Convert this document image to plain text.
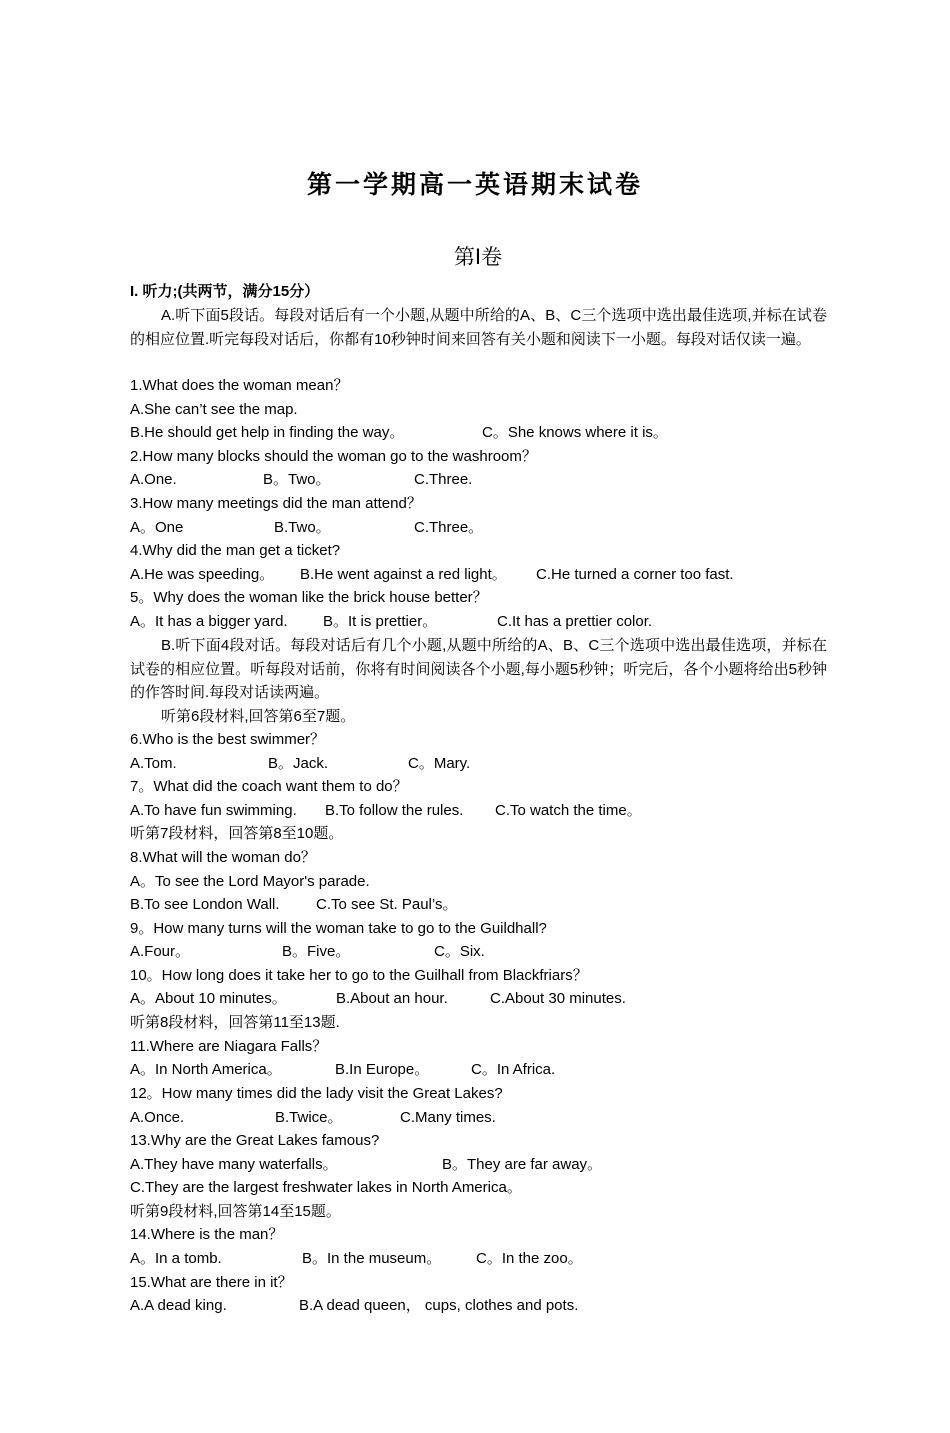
第一学期高一英语期末试卷
第Ⅰ卷
I. 听力;(共两节，满分15分）
A.听下面5段话。每段对话后有一个小题,从题中所给的A、B、C三个选项中选出最佳选项,并标在试卷的相应位置.听完每段对话后，你都有10秒钟时间来回答有关小题和阅读下一小题。每段对话仅读一遍。
1.What does the woman mean？
A.She can’t see the map.
B.He should get help in finding the way。	C。She knows where it is。
2.How many blocks should the woman go to the washroom？
A.One.	B。Two。	C.Three.
3.How many meetings did the man attend？
A。One	B.Two。	C.Three。
4.Why did the man get a ticket?
A.He was speeding。 B.He went against a red light。 C.He turned a corner too fast.
5。Why does the woman like the brick house better？
A。It has a bigger yard. B。It is prettier。	C.It has a prettier color.
B.听下面4段对话。每段对话后有几个小题,从题中所给的A、B、C三个选项中选出最佳选项，并标在试卷的相应位置。听每段对话前，你将有时间阅读各个小题,每小题5秒钟；听完后，各个小题将给出5秒钟的作答时间.每段对话读两遍。
听第6段材料,回答第6至7题。
6.Who is the best swimmer？
A.Tom.	B。Jack.	C。Mary.
7。What did the coach want them to do？
A.To have fun swimming. B.To follow the rules. C.To watch the time。
听第7段材料，回答第8至10题。
8.What will the woman do？
A。To see the Lord Mayor's parade.
B.To see London Wall. C.To see St. Paul’s。
9。How many turns will the woman take to go to the Guildhall?
A.Four。	B。Five。	C。Six.
10。How long does it take her to go to the Guilhall from Blackfriars？
A。About 10 minutes。	B.About an hour.	C.About 30 minutes.
听第8段材料，回答第11至13题.
11.Where are Niagara Falls？
A。In North America。	B.In Europe。	C。In Africa.
12。How many times did the lady visit the Great Lakes?
A.Once.	B.Twice。	C.Many times.
13.Why are the Great Lakes famous?
A.They have many waterfalls。	B。They are far away。
C.They are the largest freshwater lakes in North America。
听第9段材料,回答第14至15题。
14.Where is the man？
A。In a tomb.	B。In the museum。 C。In the zoo。
15.What are there in it？
A.A dead king.	B.A dead queen， cups, clothes and pots.
